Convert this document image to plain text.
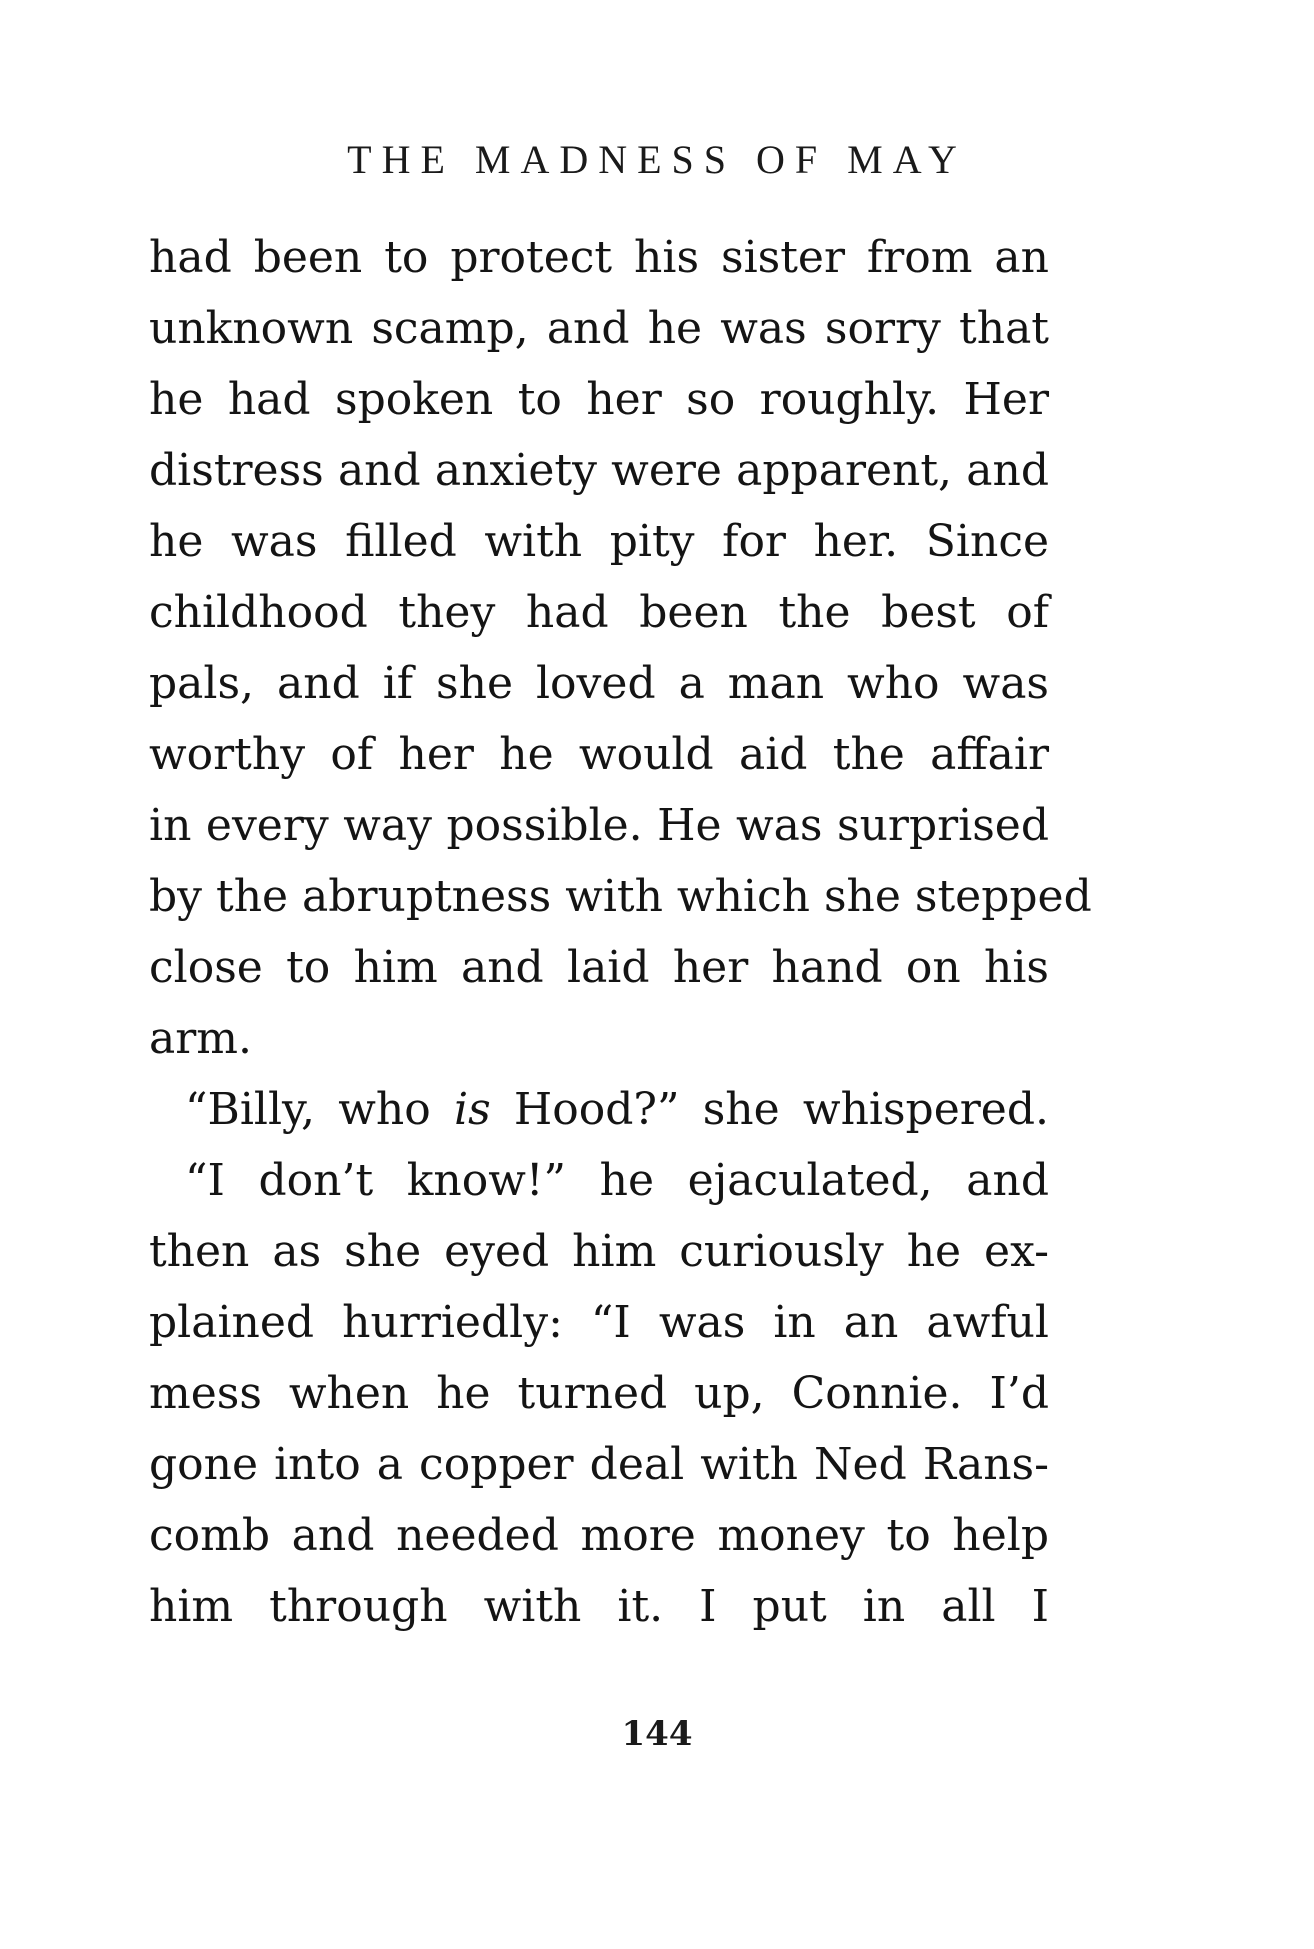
THE MADNESS OF MAY
had been to protect his sister from an
unknown scamp, and he was sorry that
he had spoken to her so roughly. Her
distress and anxiety were apparent, and
he was filled with pity for her. Since
childhood they had been the best of
pals, and if she loved a man who was
worthy of her he would aid the affair
in every way possible. He was surprised
by the abruptness with which she stepped
close to him and laid her hand on his
arm.
“Billy, who is Hood?” she whispered.
“I don’t know!” he ejaculated, and
then as she eyed him curiously he ex-
plained hurriedly: “I was in an awful
mess when he turned up, Connie. I’d
gone into a copper deal with Ned Rans-
comb and needed more money to help
him through with it. I put in all I
144
